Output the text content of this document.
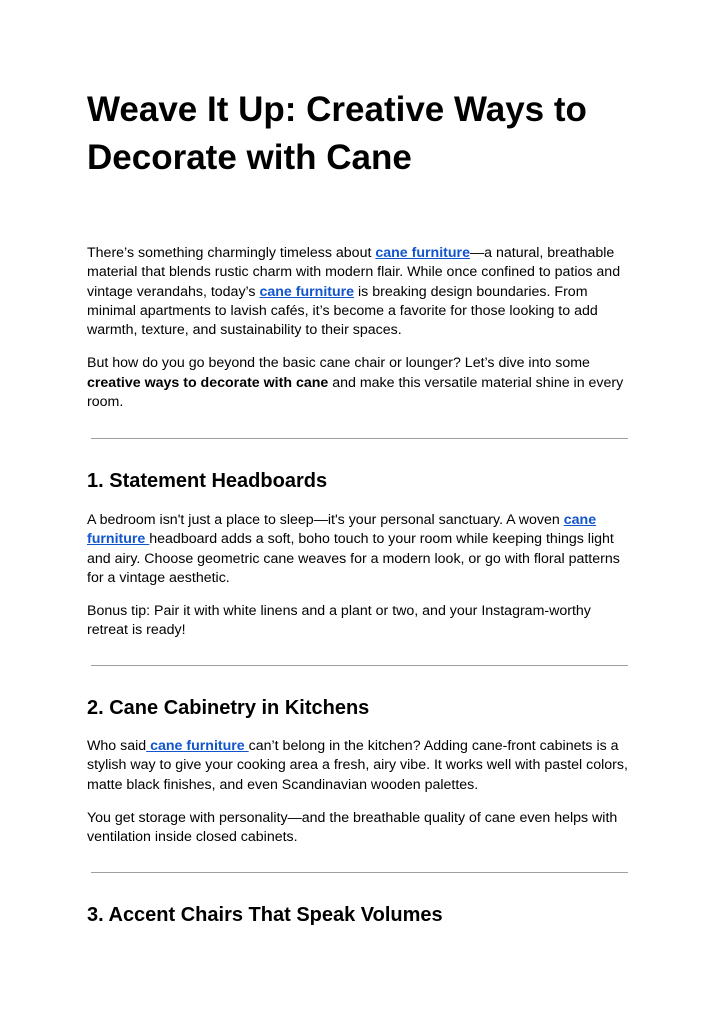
Weave It Up: Creative Ways to Decorate with Cane

There’s something charmingly timeless about cane furniture—a natural, breathable material that blends rustic charm with modern flair. While once confined to patios and vintage verandahs, today’s cane furniture is breaking design boundaries. From minimal apartments to lavish cafés, it’s become a favorite for those looking to add warmth, texture, and sustainability to their spaces.

But how do you go beyond the basic cane chair or lounger? Let’s dive into some creative ways to decorate with cane and make this versatile material shine in every room.

1. Statement Headboards

A bedroom isn't just a place to sleep—it's your personal sanctuary. A woven cane furniture headboard adds a soft, boho touch to your room while keeping things light and airy. Choose geometric cane weaves for a modern look, or go with floral patterns for a vintage aesthetic.

Bonus tip: Pair it with white linens and a plant or two, and your Instagram-worthy retreat is ready!

2. Cane Cabinetry in Kitchens

Who said cane furniture can’t belong in the kitchen? Adding cane-front cabinets is a stylish way to give your cooking area a fresh, airy vibe. It works well with pastel colors, matte black finishes, and even Scandinavian wooden palettes.

You get storage with personality—and the breathable quality of cane even helps with ventilation inside closed cabinets.

3. Accent Chairs That Speak Volumes
